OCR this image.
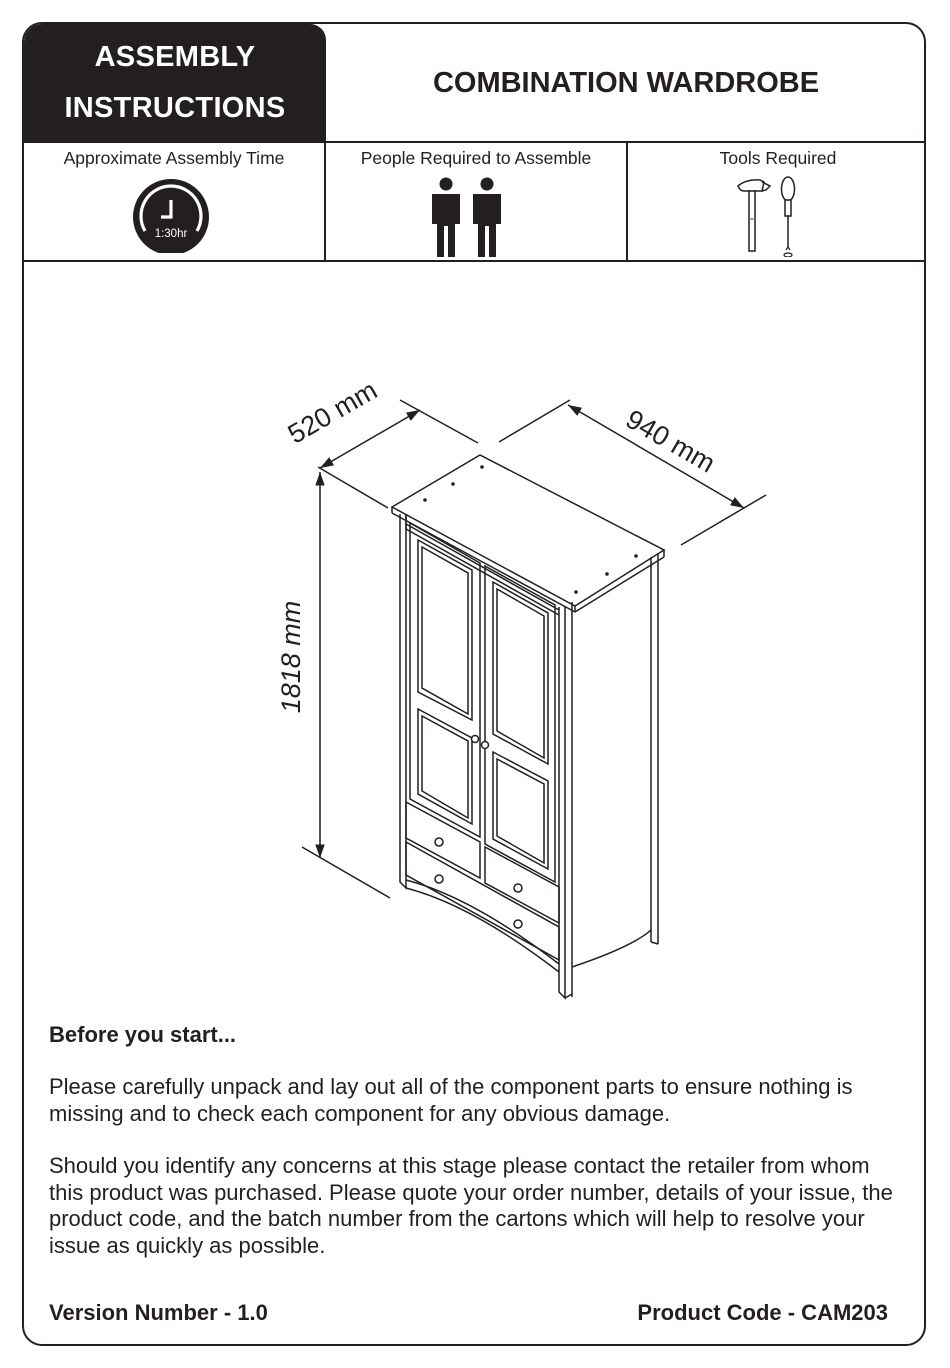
ASSEMBLY
INSTRUCTIONS
COMBINATION WARDROBE
Approximate Assembly Time
1:30hr
People Required to Assemble	Tools Required
520 mm	940 mm
1818 mm

Before you start...

Please carefully unpack and lay out all of the component parts to ensure nothing is missing and to check each component for any obvious damage.

Should you identify any concerns at this stage please contact the retailer from whom this product was purchased. Please quote your order number, details of your issue, the product code, and the batch number from the cartons which will help to resolve your issue as quickly as possible.

Version Number - 1.0	Product Code - CAM203
